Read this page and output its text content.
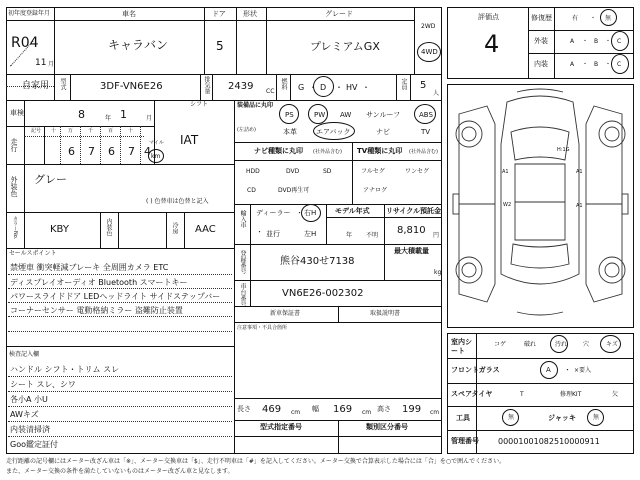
初年度登録年月	車名	ドア 形状	グレード
2WD
R04
11 月
キャラバン	5	プレミアムGX	4WD
自家用 型式	3DF-VN6E26	排気量 2439 CC
燃料 G ・ D ・ HV ・	定員 5
人
車検	8	年 1	月
シフト
IAT
走行
記号 十 万	千	百	十
6 7 6 7 4
マイル
km
外装色 グレー
( ) 色替車は色替と記入
カラーNo.	KBY	内装色	冷房 AAC
セールスポイント
禁煙車 衝突軽減ブレーキ 全周囲カメラ ETC
ディスプレイオーディオ Bluetooth スマートキー
パワースライドドア LEDヘッドライト サイドステップバー
コーナーセンサー 電動格納ミラー 盗難防止装置
検査記入欄
ハンドル シフト・トリム スレ
シート スレ、シワ
各小A 小U
AWキズ
内装清掃済
Goo鑑定証付
装備品に丸印
(左詰め)
PS	PW AW サンルーフ	ABS
本革	エアバック	ナビ	TV
ナビ種類に丸印 (社外品含む) TV種類に丸印 (社外品含む)
HDD	DVD	SD
CD	DVD再生可
フルセグ	ワンセグ
アナログ
輸入車 ディーラー ・ 右H
・ 並行	左H
モデル年式
年 不明
リサイクル預託金
8,810 円
登録番号	熊谷430せ7138
最大積載量
kg
車台番号	VN6E26-002302
新車保証書	取扱説明書
注意事項・不具合箇所
長さ 469 cm 幅 169 cm 高さ 199 cm
型式指定番号	類別区分番号
評価点
4
修復歴
外装
内装
有 ・ 無
A ・ B ・ C
A ・ B ・ C
H:1G
A1	A1
W2	A1
室内シート
コゲ	破れ	汚れ	穴	キズ
フロントガラス	A ・ ×要入
スペアタイヤ	T	修理KIT	欠
工具	無	ジャッキ	無
管理番号 00001001082510000911
走行距離の記号欄にはメーター改ざん車は「※」、メーター交換車は「$」、走行不明車は「#」を記入してください。メーター交換で合算表示した場合には「合」を○で囲んでください。
また、メーター交換の条件を満たしていないものはメーター改ざん車と見なします。
